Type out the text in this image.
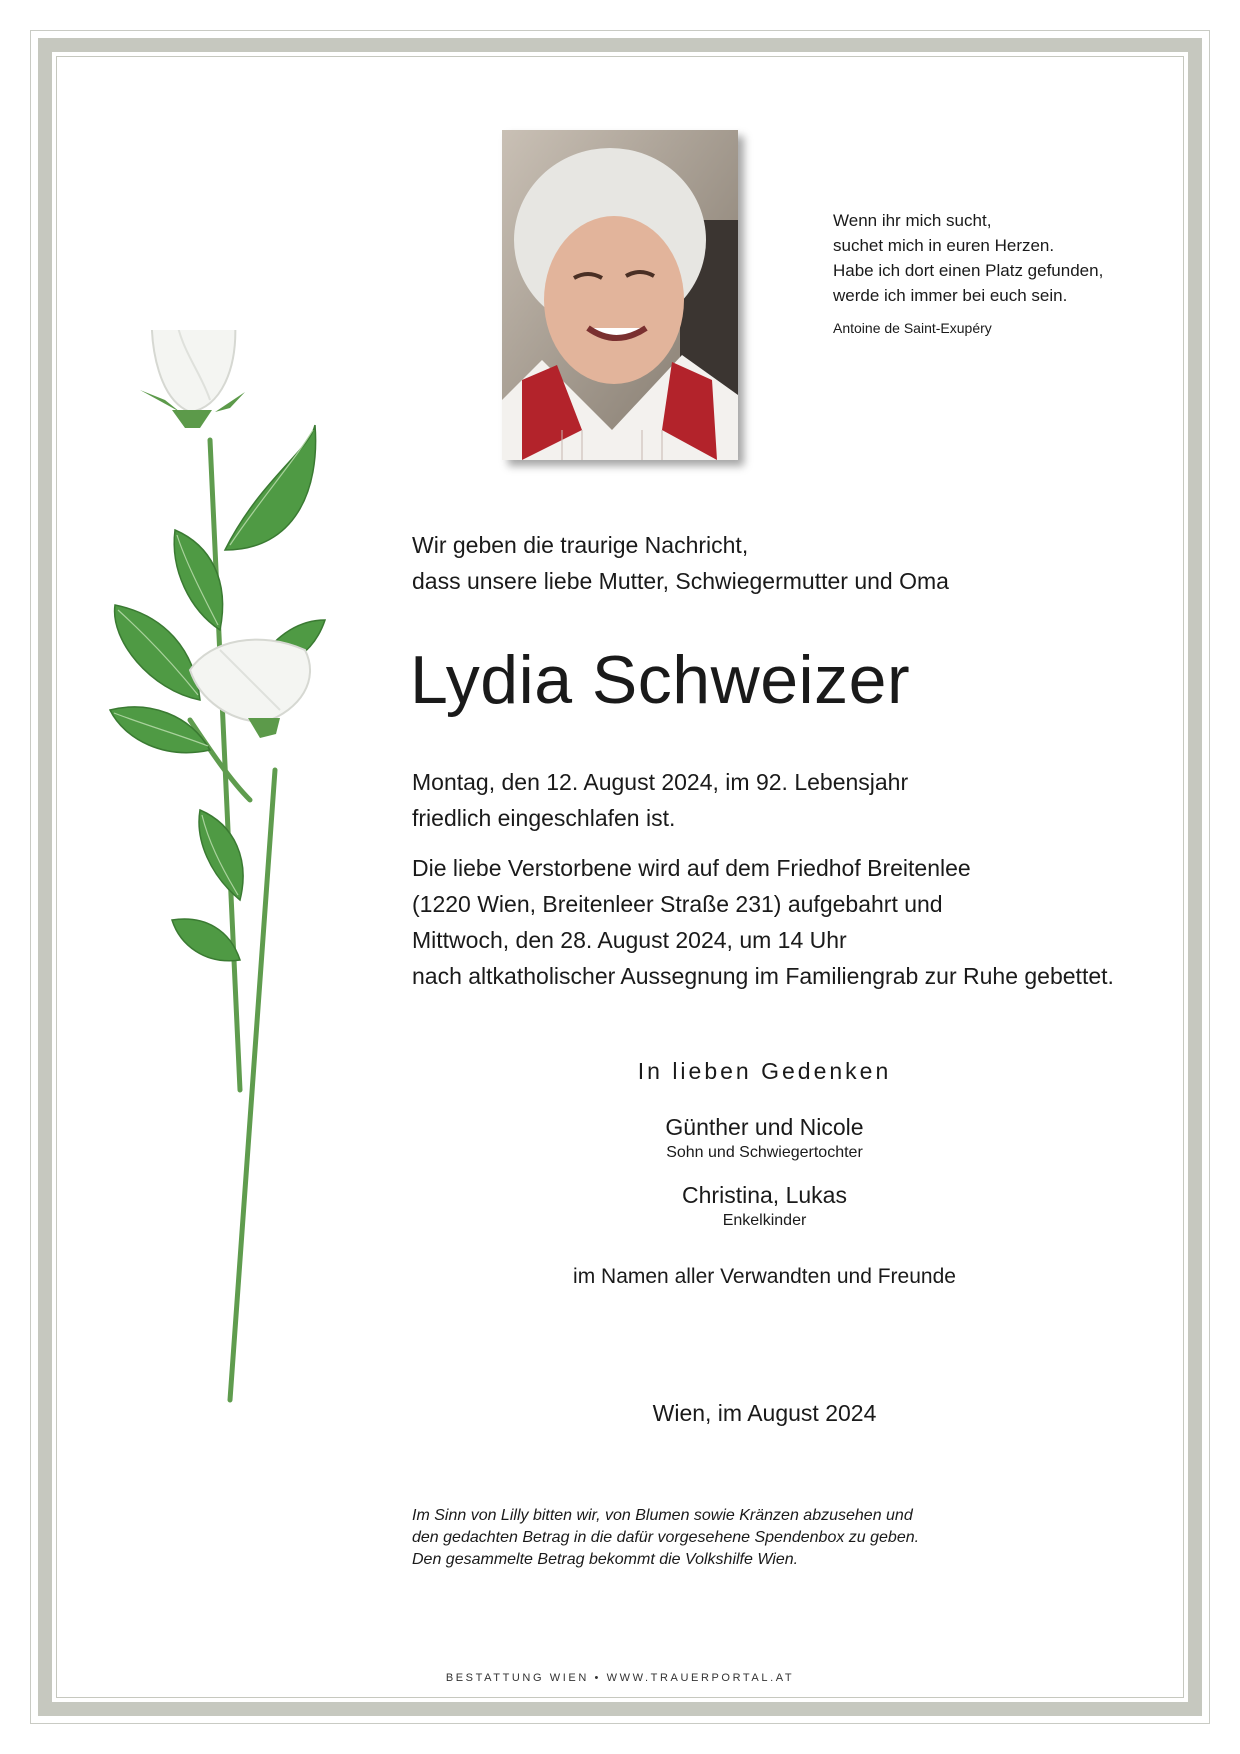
Wenn ihr mich sucht,
suchet mich in euren Herzen.
Habe ich dort einen Platz gefunden,
werde ich immer bei euch sein.
Antoine de Saint-Exupéry
Wir geben die traurige Nachricht,
dass unsere liebe Mutter, Schwiegermutter und Oma
Lydia Schweizer
Montag, den 12. August 2024, im 92. Lebensjahr
friedlich eingeschlafen ist.
Die liebe Verstorbene wird auf dem Friedhof Breitenlee
(1220 Wien, Breitenleer Straße 231) aufgebahrt und
Mittwoch, den 28. August 2024, um 14 Uhr
nach altkatholischer Aussegnung im Familiengrab zur Ruhe gebettet.
In lieben Gedenken
Günther und Nicole
Sohn und Schwiegertochter
Christina, Lukas
Enkelkinder
im Namen aller Verwandten und Freunde
Wien, im August 2024
Im Sinn von Lilly bitten wir, von Blumen sowie Kränzen abzusehen und
den gedachten Betrag in die dafür vorgesehene Spendenbox zu geben.
Den gesammelte Betrag bekommt die Volkshilfe Wien.
BESTATTUNG WIEN • WWW.TRAUERPORTAL.AT
